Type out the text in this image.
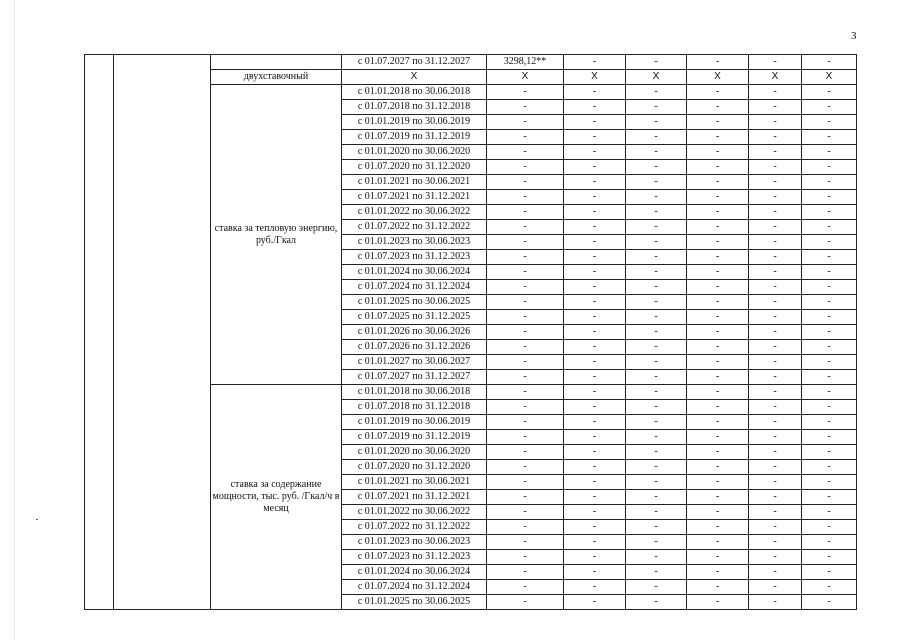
3
			с 01.07.2027 по 31.12.2027	3298,12**	-	-	-	-	-
		двухставочный	X	X	X	X	X	X	X
		ставка за тепловую энергию, руб./Гкал	с 01.01.2018 по 30.06.2018	-	-	-	-	-	-
			с 01.07.2018 по 31.12.2018	-	-	-	-	-	-
			с 01.01.2019 по 30.06.2019	-	-	-	-	-	-
			с 01.07.2019 по 31.12.2019	-	-	-	-	-	-
			с 01.01.2020 по 30.06.2020	-	-	-	-	-	-
			с 01.07.2020 по 31.12.2020	-	-	-	-	-	-
			с 01.01.2021 по 30.06.2021	-	-	-	-	-	-
			с 01.07.2021 по 31.12.2021	-	-	-	-	-	-
			с 01.01.2022 по 30.06.2022	-	-	-	-	-	-
			с 01.07.2022 по 31.12.2022	-	-	-	-	-	-
			с 01.01.2023 по 30.06.2023	-	-	-	-	-	-
			с 01.07.2023 по 31.12.2023	-	-	-	-	-	-
			с 01.01.2024 по 30.06.2024	-	-	-	-	-	-
			с 01.07.2024 по 31.12.2024	-	-	-	-	-	-
			с 01.01.2025 по 30.06.2025	-	-	-	-	-	-
			с 01.07.2025 по 31.12.2025	-	-	-	-	-	-
			с 01.01.2026 по 30.06.2026	-	-	-	-	-	-
			с 01.07.2026 по 31.12.2026	-	-	-	-	-	-
			с 01.01.2027 по 30.06.2027	-	-	-	-	-	-
			с 01.07.2027 по 31.12.2027	-	-	-	-	-	-
		ставка за содержание мощности, тыс. руб. /Гкал/ч в месяц	с 01.01.2018 по 30.06.2018	-	-	-	-	-	-
			с 01.07.2018 по 31.12.2018	-	-	-	-	-	-
			с 01.01.2019 по 30.06.2019	-	-	-	-	-	-
			с 01.07.2019 по 31.12.2019	-	-	-	-	-	-
			с 01.01.2020 по 30.06.2020	-	-	-	-	-	-
			с 01.07.2020 по 31.12.2020	-	-	-	-	-	-
			с 01.01.2021 по 30.06.2021	-	-	-	-	-	-
			с 01.07.2021 по 31.12.2021	-	-	-	-	-	-
			с 01.01.2022 по 30.06.2022	-	-	-	-	-	-
			с 01.07.2022 по 31.12.2022	-	-	-	-	-	-
			с 01.01.2023 по 30.06.2023	-	-	-	-	-	-
			с 01.07.2023 по 31.12.2023	-	-	-	-	-	-
			с 01.01.2024 по 30.06.2024	-	-	-	-	-	-
			с 01.07.2024 по 31.12.2024	-	-	-	-	-	-
			с 01.01.2025 по 30.06.2025	-	-	-	-	-	-
